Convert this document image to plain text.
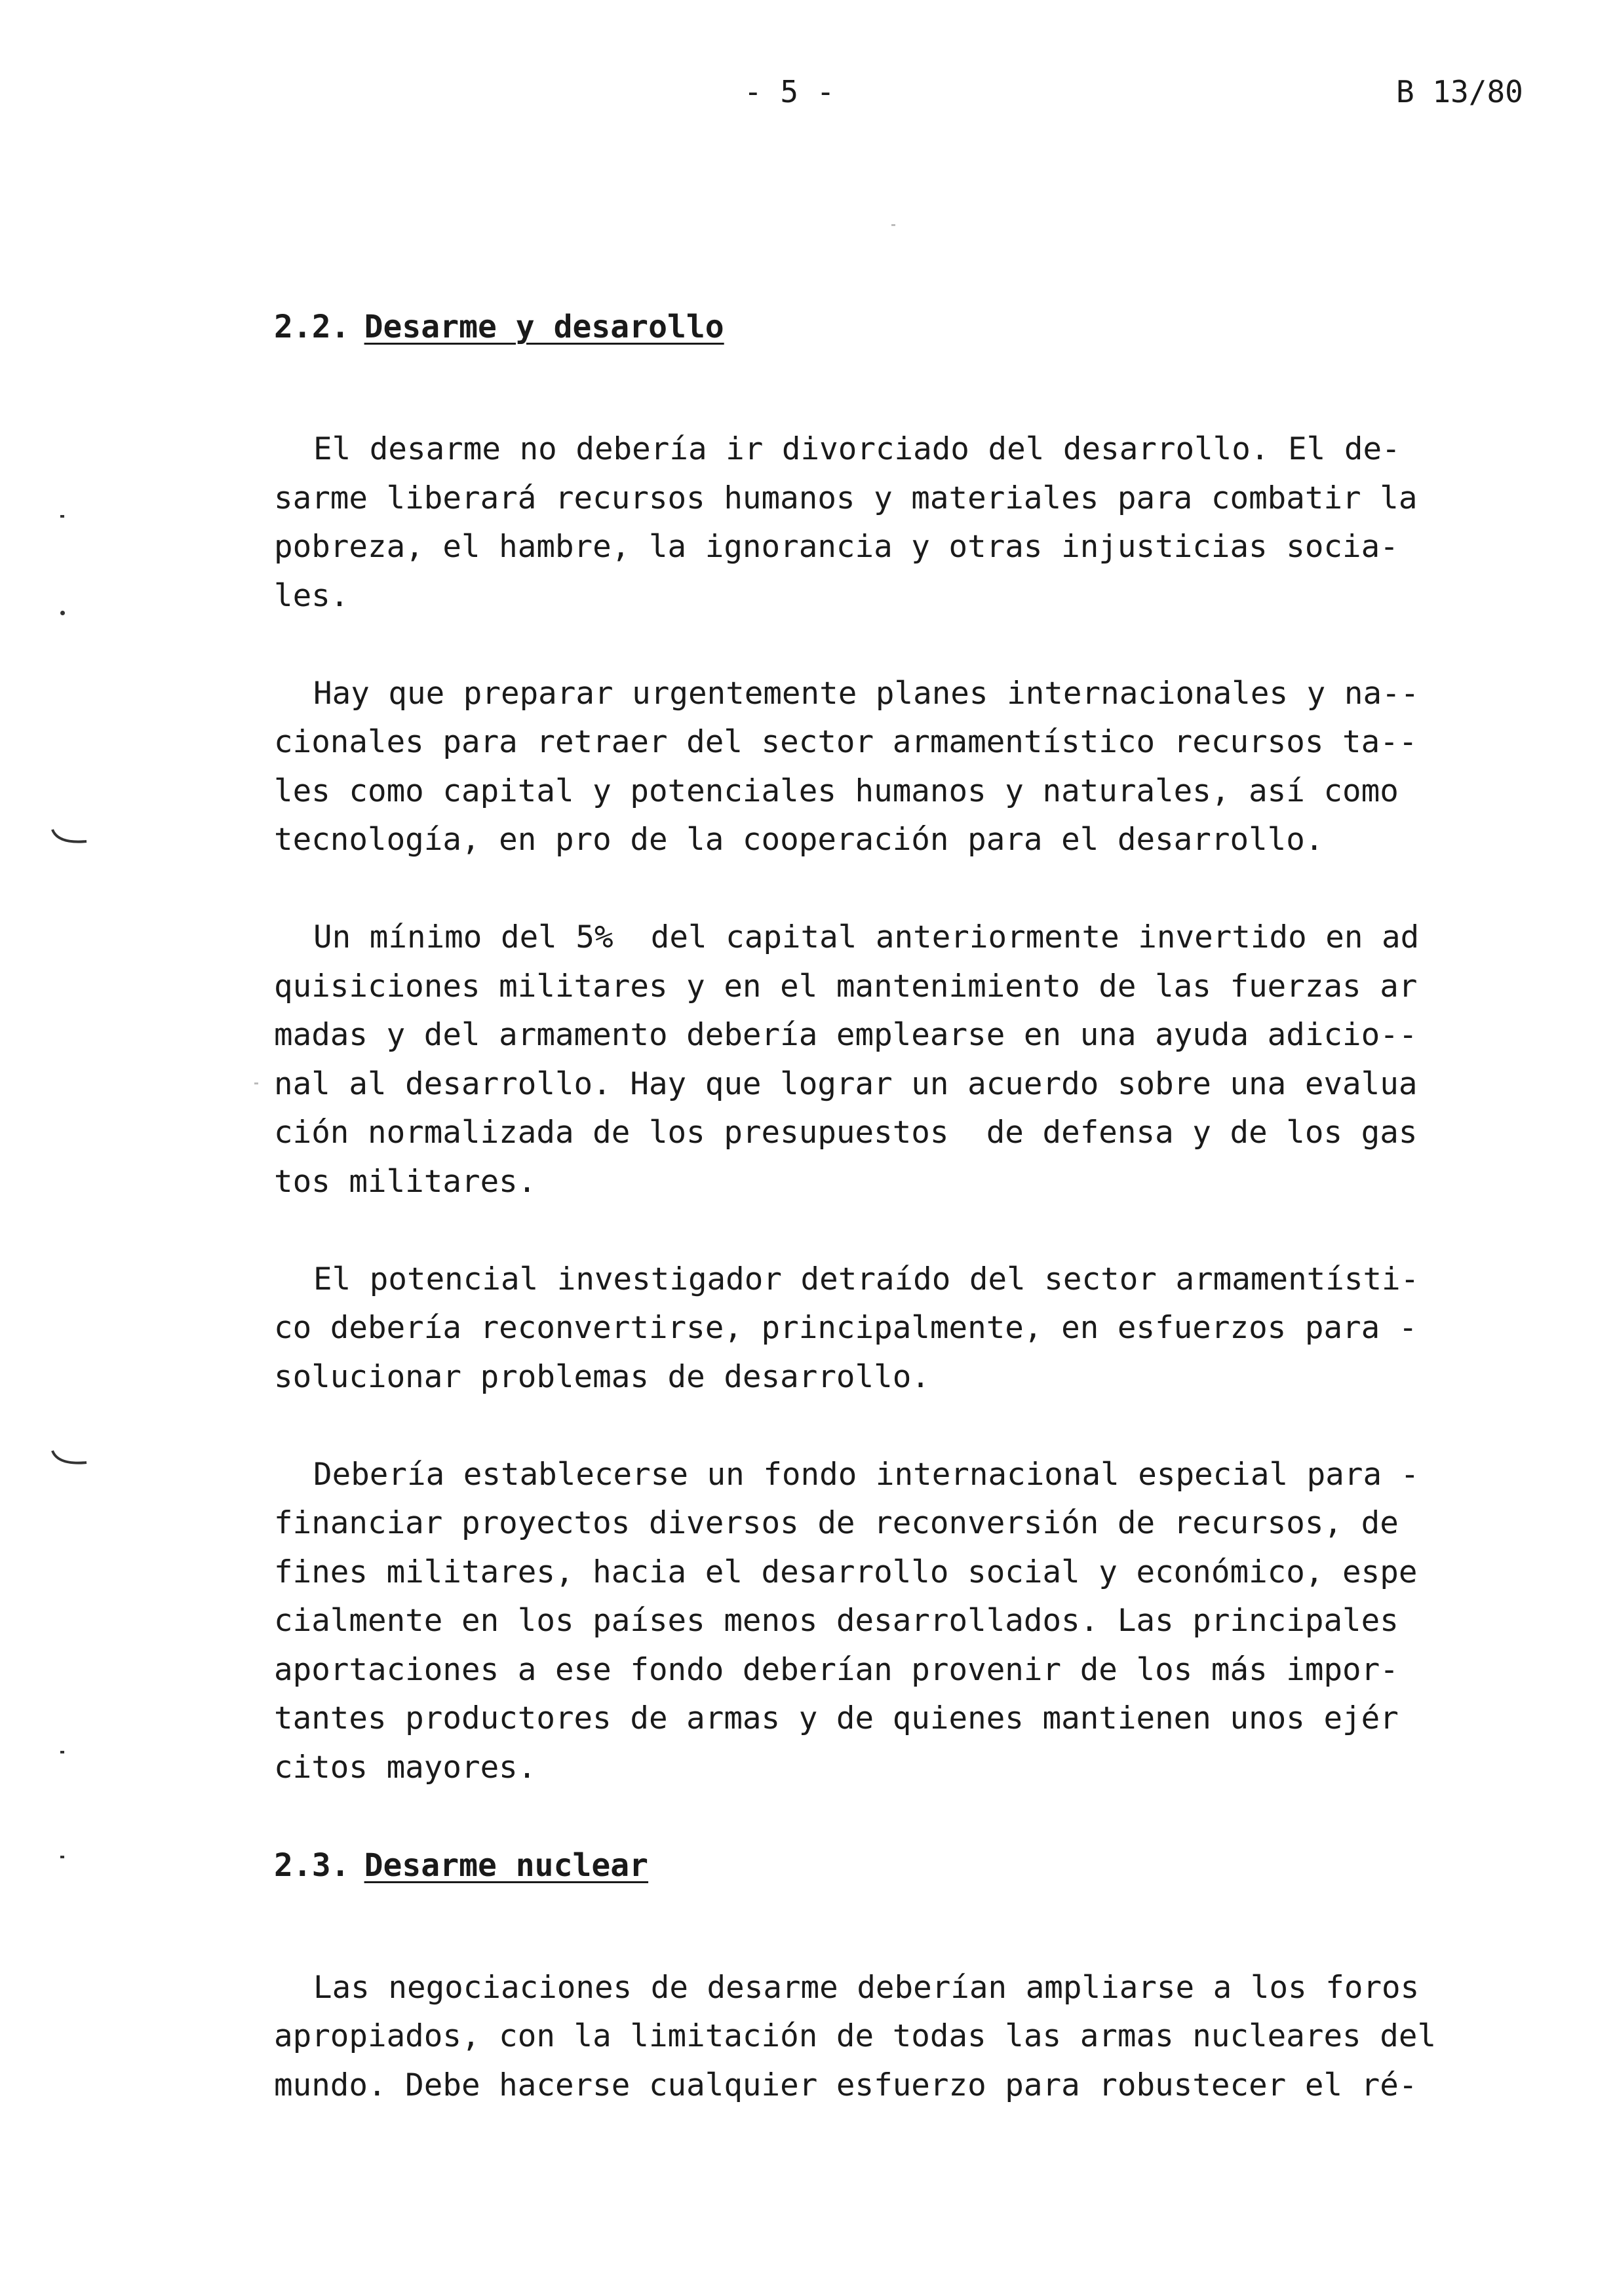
- 5 -	B 13/80
2.2. Desarme y desarollo
El desarme no debería ir divorciado del desarrollo. El de-
sarme liberará recursos humanos y materiales para combatir la
pobreza, el hambre, la ignorancia y otras injusticias socia-
les.
Hay que preparar urgentemente planes internacionales y na--
cionales para retraer del sector armamentístico recursos ta--
les como capital y potenciales humanos y naturales, así como
tecnología, en pro de la cooperación para el desarrollo.
Un mínimo del 5%  del capital anteriormente invertido en ad
quisiciones militares y en el mantenimiento de las fuerzas ar
madas y del armamento debería emplearse en una ayuda adicio--
nal al desarrollo. Hay que lograr un acuerdo sobre una evalua
ción normalizada de los presupuestos  de defensa y de los gas
tos militares.
El potencial investigador detraído del sector armamentísti-
co debería reconvertirse, principalmente, en esfuerzos para -
solucionar problemas de desarrollo.
Debería establecerse un fondo internacional especial para -
financiar proyectos diversos de reconversión de recursos, de
fines militares, hacia el desarrollo social y económico, espe
cialmente en los países menos desarrollados. Las principales
aportaciones a ese fondo deberían provenir de los más impor-
tantes productores de armas y de quienes mantienen unos ejér
citos mayores.
2.3. Desarme nuclear
Las negociaciones de desarme deberían ampliarse a los foros
apropiados, con la limitación de todas las armas nucleares del
mundo. Debe hacerse cualquier esfuerzo para robustecer el ré-
